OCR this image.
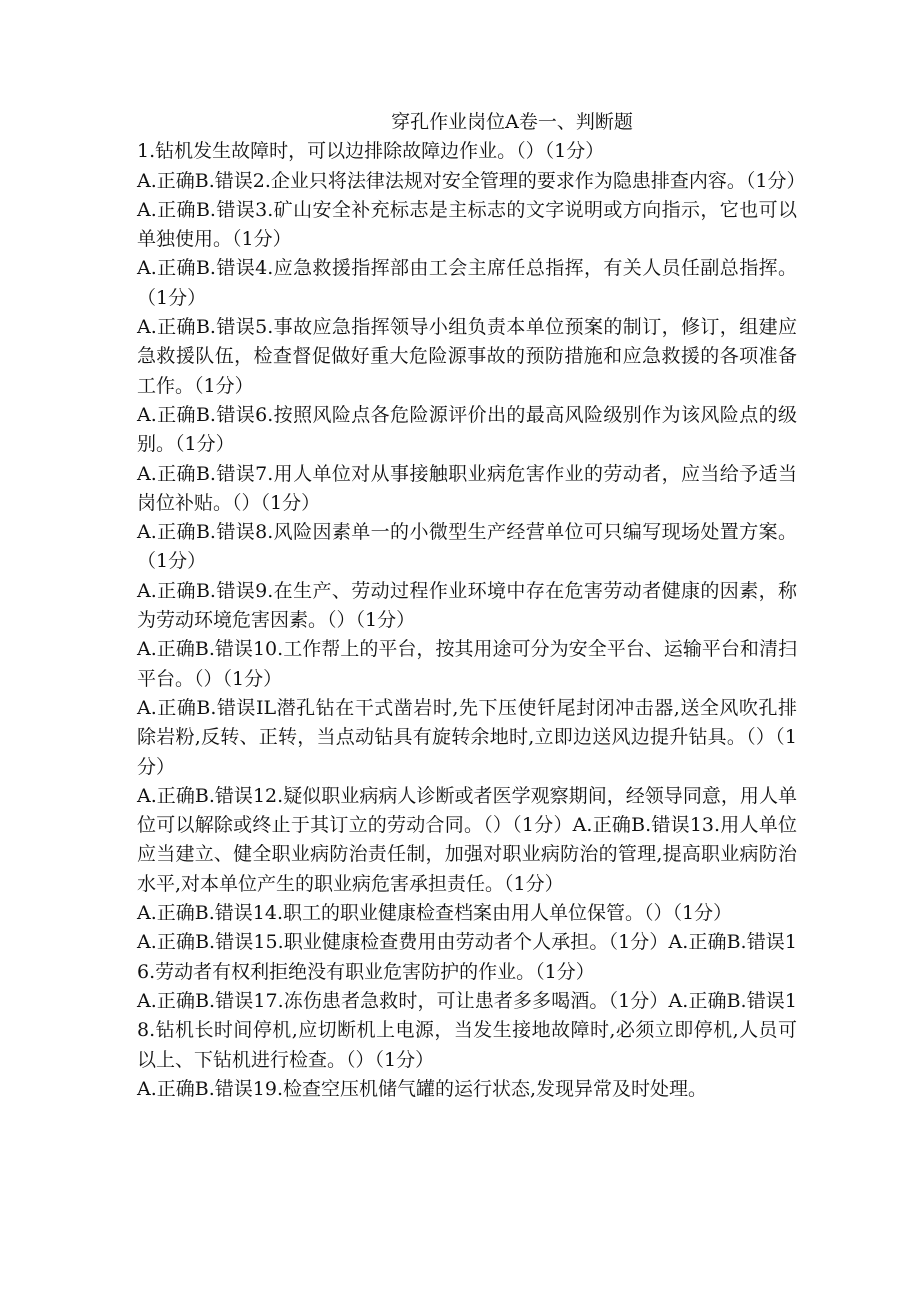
穿孔作业岗位A卷一、判断题
1.钻机发生故障时，可以边排除故障边作业。（）（1分）
A.正确B.错误2.企业只将法律法规对安全管理的要求作为隐患排查内容。（1分）
A.正确B.错误3.矿山安全补充标志是主标志的文字说明或方向指示，它也可以单独使用。（1分）
A.正确B.错误4.应急救援指挥部由工会主席任总指挥，有关人员任副总指挥。（1分）
A.正确B.错误5.事故应急指挥领导小组负责本单位预案的制订，修订，组建应急救援队伍，检查督促做好重大危险源事故的预防措施和应急救援的各项准备工作。（1分）
A.正确B.错误6.按照风险点各危险源评价出的最高风险级别作为该风险点的级别。（1分）
A.正确B.错误7.用人单位对从事接触职业病危害作业的劳动者，应当给予适当岗位补贴。（）（1分）
A.正确B.错误8.风险因素单一的小微型生产经营单位可只编写现场处置方案。（1分）
A.正确B.错误9.在生产、劳动过程作业环境中存在危害劳动者健康的因素，称为劳动环境危害因素。（）（1分）
A.正确B.错误10.工作帮上的平台，按其用途可分为安全平台、运输平台和清扫平台。（）（1分）
A.正确B.错误IL潜孔钻在干式凿岩时,先下压使钎尾封闭冲击器,送全风吹孔排除岩粉,反转、正转，当点动钻具有旋转余地时,立即边送风边提升钻具。（）（1分）
A.正确B.错误12.疑似职业病病人诊断或者医学观察期间，经领导同意，用人单位可以解除或终止于其订立的劳动合同。（）（1分）A.正确B.错误13.用人单位应当建立、健全职业病防治责任制，加强对职业病防治的管理,提高职业病防治水平,对本单位产生的职业病危害承担责任。（1分）
A.正确B.错误14.职工的职业健康检查档案由用人单位保管。（）（1分）
A.正确B.错误15.职业健康检查费用由劳动者个人承担。（1分）A.正确B.错误16.劳动者有权利拒绝没有职业危害防护的作业。（1分）
A.正确B.错误17.冻伤患者急救时，可让患者多多喝酒。（1分）A.正确B.错误18.钻机长时间停机,应切断机上电源，当发生接地故障时,必须立即停机,人员可以上、下钻机进行检查。（）（1分）
A.正确B.错误19.检查空压机储气罐的运行状态,发现异常及时处理。
